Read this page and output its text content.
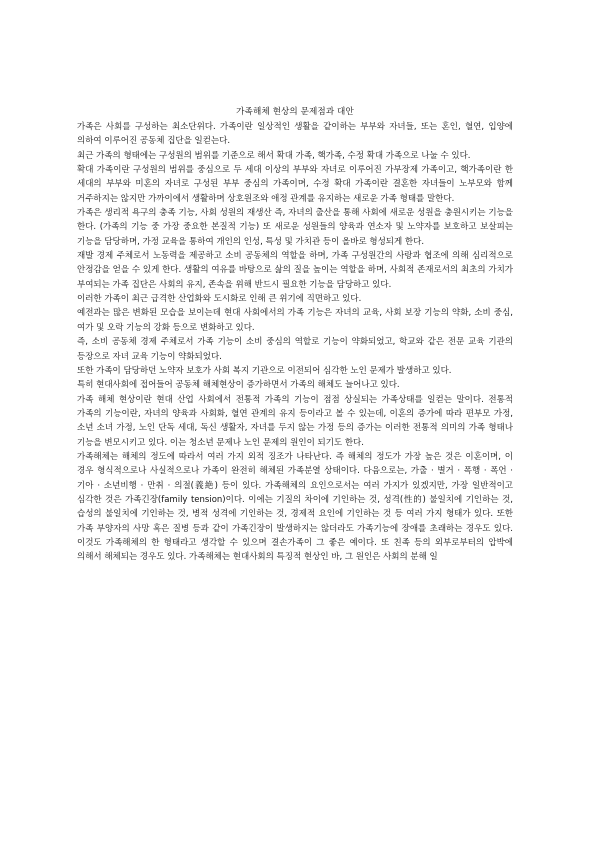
가족해체 현상의 문제점과 대안

가족은 사회를 구성하는 최소단위다. 가족이란 일상적인 생활을 같이하는 부부와 자녀들, 또는 혼인, 혈연, 입양에 의하여 이루어진 공동체 집단을 일컫는다.

최근 가족의 형태에는 구성원의 범위를 기준으로 해서 확대 가족, 핵가족, 수정 확대 가족으로 나눌 수 있다.

확대 가족이란 구성원의 범위를 중심으로 두 세대 이상의 부부와 자녀로 이루어진 가부장제 가족이고, 핵가족이란 한 세대의 부부와 미혼의 자녀로 구성된 부부 중심의 가족이며, 수정 확대 가족이란 결혼한 자녀들이 노부모와 함께 거주하지는 않지만 가까이에서 생활하며 상호원조와 애정 관계를 유지하는 새로운 가족 형태를 말한다.

가족은 생리적 욕구의 충족 기능, 사회 성원의 재생산 즉, 자녀의 출산을 통해 사회에 새로운 성원을 충원시키는 기능을 한다. (가족의 기능 중 가장 중요한 본질적 기능) 또 새로운 성원들의 양육과 연소자 및 노약자를 보호하고 보살피는 기능을 담당하며, 가정 교육을 통하여 개인의 인성, 특성 및 가치관 등이 올바로 형성되게 한다.

재발 경제 주체로서 노동력을 제공하고 소비 공동체의 역할을 하며, 가족 구성원간의 사랑과 협조에 의해 심리적으로 안정감을 얻을 수 있게 한다. 생활의 여유를 바탕으로 삶의 질을 높이는 역할을 하며, 사회적 존재로서의 최초의 가치가 부여되는 가족 집단은 사회의 유지, 존속을 위해 반드시 필요한 기능을 담당하고 있다.

이러한 가족이 최근 급격한 산업화와 도시화로 인해 큰 위기에 직면하고 있다.

예전과는 많은 변화된 모습을 보이는데 현대 사회에서의 가족 기능은 자녀의 교육, 사회 보장 기능의 약화, 소비 중심, 여가 및 오락 기능의 강화 등으로 변화하고 있다.

즉, 소비 공동체 경제 주체로서 가족 기능이 소비 중심의 역할로 기능이 약화되었고, 학교와 같은 전문 교육 기관의 등장으로 자녀 교육 기능이 약화되었다.

또한 가족이 담당하던 노약자 보호가 사회 복지 기관으로 이전되어 심각한 노인 문제가 발생하고 있다.

특히 현대사회에 접어들어 공동체 해체현상이 증가하면서 가족의 해체도 늘어나고 있다.

가족 해체 현상이란 현대 산업 사회에서 전통적 가족의 기능이 점점 상실되는 가족상태를 일컫는 말이다. 전통적 가족의 기능이란, 자녀의 양육과 사회화, 혈연 관계의 유지 등이라고 볼 수 있는데, 이혼의 증가에 따라 편부모 가정, 소년 소녀 가정, 노인 단독 세대, 독신 생활자, 자녀를 두지 않는 가정 등의 증가는 이러한 전통적 의미의 가족 형태나 기능을 변모시키고 있다. 이는 청소년 문제나 노인 문제의 원인이 되기도 한다.

가족해체는 해체의 정도에 따라서 여러 가지 외적 징조가 나타난다. 즉 해체의 정도가 가장 높은 것은 이혼이며, 이 경우 형식적으로나 사실적으로나 가족이 완전히 해체된 가족분열 상태이다. 다음으로는, 가출 · 별거 · 폭행 · 폭언 · 기아 · 소년비행 · 만취 · 의절(義絶) 등이 있다. 가족해체의 요인으로서는 여러 가지가 있겠지만, 가장 일반적이고 심각한 것은 가족긴장(family tension)이다. 이에는 기질의 차이에 기인하는 것, 성격(性的) 불일치에 기인하는 것, 습성의 불일치에 기인하는 것, 병적 성격에 기인하는 것, 경제적 요인에 기인하는 것 등 여러 가지 형태가 있다. 또한 가족 부양자의 사망 혹은 질병 등과 같이 가족긴장이 발생하지는 않더라도 가족기능에 장애를 초래하는 경우도 있다. 이것도 가족해체의 한 형태라고 생각할 수 있으며 결손가족이 그 좋은 예이다. 또 친족 등의 외부로부터의 압박에 의해서 해체되는 경우도 있다. 가족해체는 현대사회의 특징적 현상인 바, 그 원인은 사회의 분해 일
